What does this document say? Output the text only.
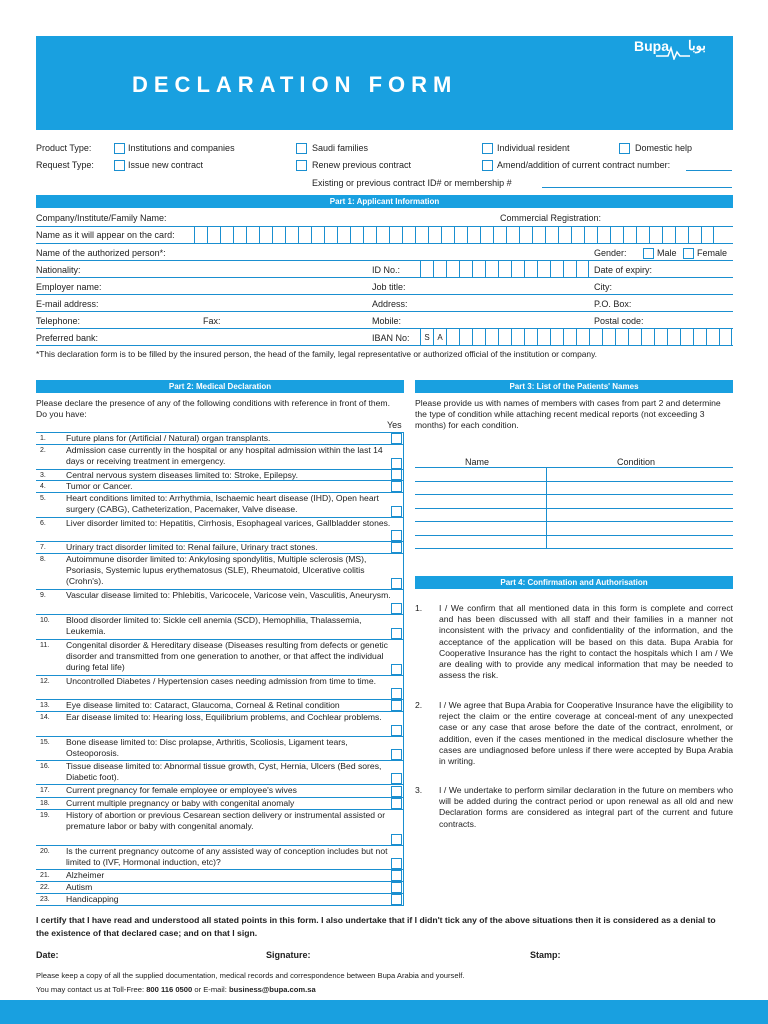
DECLARATION FORM
Bupa بوبا
Product Type:	Institutions and companies	Saudi families	Individual resident	Domestic help
Request Type:	Issue new contract	Renew previous contract	Amend/addition of current contract number:
Existing or previous contract ID# or membership #
Part 1: Applicant Information
Company/Institute/Family Name:	Commercial Registration:
Name as it will appear on the card:
Name of the authorized person*:	Gender:	Male Female
Nationality:	ID No.:	Date of expiry:
Employer name:	Job title:	City:
E-mail address:	Address:	P.O. Box:
Telephone:	Fax:	Mobile:	Postal code:
Preferred bank:	IBAN No:	S A
*This declaration form is to be filled by the insured person, the head of the family, legal representative or authorized official of the institution or company.
Part 2: Medical Declaration
Please declare the presence of any of the following conditions with reference in front of them. Do you have:
Yes
1. Future plans for (Artificial / Natural) organ transplants.
2. Admission case currently in the hospital or any hospital admission within the last 14 days or receiving treatment in emergency.
3. Central nervous system diseases limited to: Stroke, Epilepsy.
4. Tumor or Cancer.
5. Heart conditions limited to: Arrhythmia, Ischaemic heart disease (IHD), Open heart surgery (CABG), Catheterization, Pacemaker, Valve disease.
6. Liver disorder limited to: Hepatitis, Cirrhosis, Esophageal varices, Gallbladder stones.
7. Urinary tract disorder limited to: Renal failure, Urinary tract stones.
8. Autoimmune disorder limited to: Ankylosing spondylitis, Multiple sclerosis (MS), Psoriasis, Systemic lupus erythematosus (SLE), Rheumatoid, Ulcerative colitis (Crohn's).
9. Vascular disease limited to: Phlebitis, Varicocele, Varicose vein, Vasculitis, Aneurysm.
10. Blood disorder limited to: Sickle cell anemia (SCD), Hemophilia, Thalassemia, Leukemia.
11. Congenital disorder & Hereditary disease (Diseases resulting from defects or genetic disorder and transmitted from one generation to another, or that affect the individual during fetal life)
12. Uncontrolled Diabetes / Hypertension cases needing admission from time to time.
13. Eye disease limited to: Cataract, Glaucoma, Corneal & Retinal condition
14. Ear disease limited to: Hearing loss, Equilibrium problems, and Cochlear problems.
15. Bone disease limited to: Disc prolapse, Arthritis, Scoliosis, Ligament tears, Osteoporosis.
16. Tissue disease limited to: Abnormal tissue growth, Cyst, Hernia, Ulcers (Bed sores, Diabetic foot).
17. Current pregnancy for female employee or employee's wives
18. Current multiple pregnancy or baby with congenital anomaly
19. History of abortion or previous Cesarean section delivery or instrumental assisted or premature labor or baby with congenital anomaly.
20. Is the current pregnancy outcome of any assisted way of conception includes but not limited to (IVF, Hormonal induction, etc)?
21. Alzheimer
22. Autism
23. Handicapping
Part 3: List of the Patients' Names
Please provide us with names of members with cases from part 2 and determine the type of condition while attaching recent medical reports (not exceeding 3 months) for each condition.
Name	Condition
Part 4: Confirmation and Authorisation
1. I / We confirm that all mentioned data in this form is complete and correct and has been discussed with all staff and their families in a manner not inconsistent with the privacy and confidentiality of the information, and the acceptance of the application will be based on this data. Bupa Arabia for Cooperative Insurance has the right to contact the hospitals which I am / We are dealing with to provide any medical information that may be needed to assess the risk.
2. I / We agree that Bupa Arabia for Cooperative Insurance have the eligibility to reject the claim or the entire coverage at conceal-ment of any unexpected case or any case that arose before the date of the contract, enrolment, or addition, even if the cases mentioned in the medical disclosure whether the cases are undiagnosed before unless if there were accepted by Bupa Arabia in writing.
3. I / We undertake to perform similar declaration in the future on members who will be added during the contract period or upon renewal as all old and new Declaration forms are considered as integral part of the current and future contracts.
I certify that I have read and understood all stated points in this form. I also undertake that if I didn't tick any of the above situations then it is considered as a denial to the existence of that declared case; and on that I sign.
Date:	Signature:	Stamp:
Please keep a copy of all the supplied documentation, medical records and correspondence between Bupa Arabia and yourself.
You may contact us at Toll-Free: 800 116 0500 or E-mail: business@bupa.com.sa
